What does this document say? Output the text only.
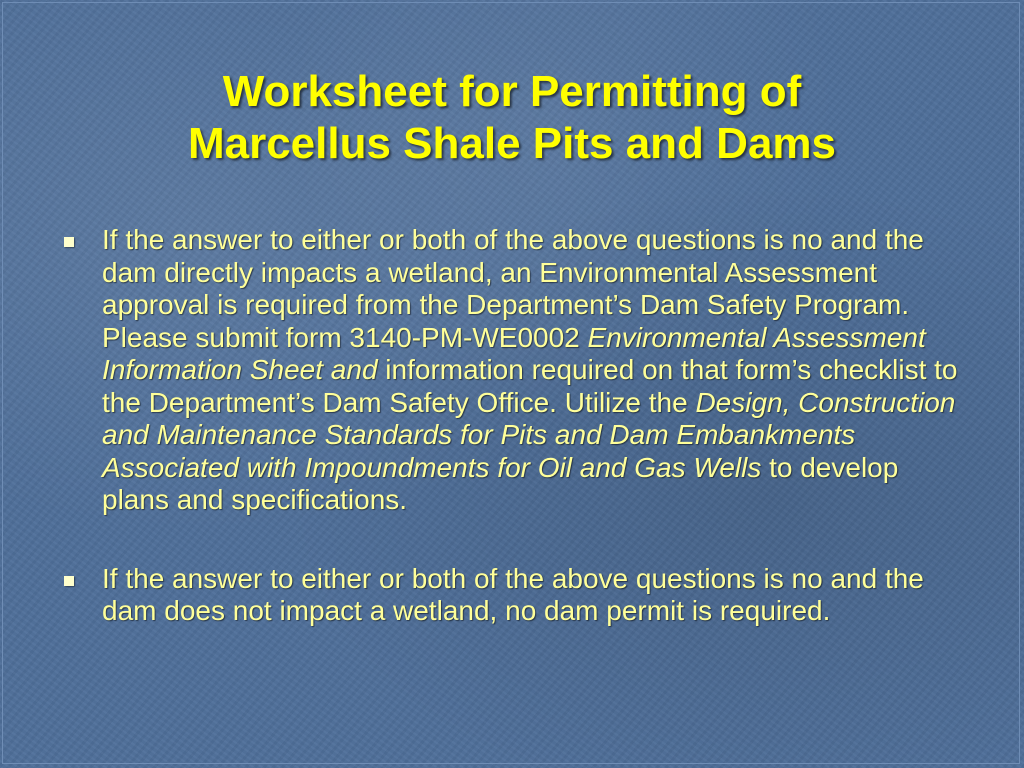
Worksheet for Permitting of
Marcellus Shale Pits and Dams
If the answer to either or both of the above questions is no and the dam directly impacts a wetland, an Environmental Assessment approval is required from the Department’s Dam Safety Program. Please submit form 3140-PM-WE0002 Environmental Assessment Information Sheet and information required on that form’s checklist to the Department’s Dam Safety Office. Utilize the Design, Construction and Maintenance Standards for Pits and Dam Embankments Associated with Impoundments for Oil and Gas Wells to develop plans and specifications.
If the answer to either or both of the above questions is no and the dam does not impact a wetland, no dam permit is required.
